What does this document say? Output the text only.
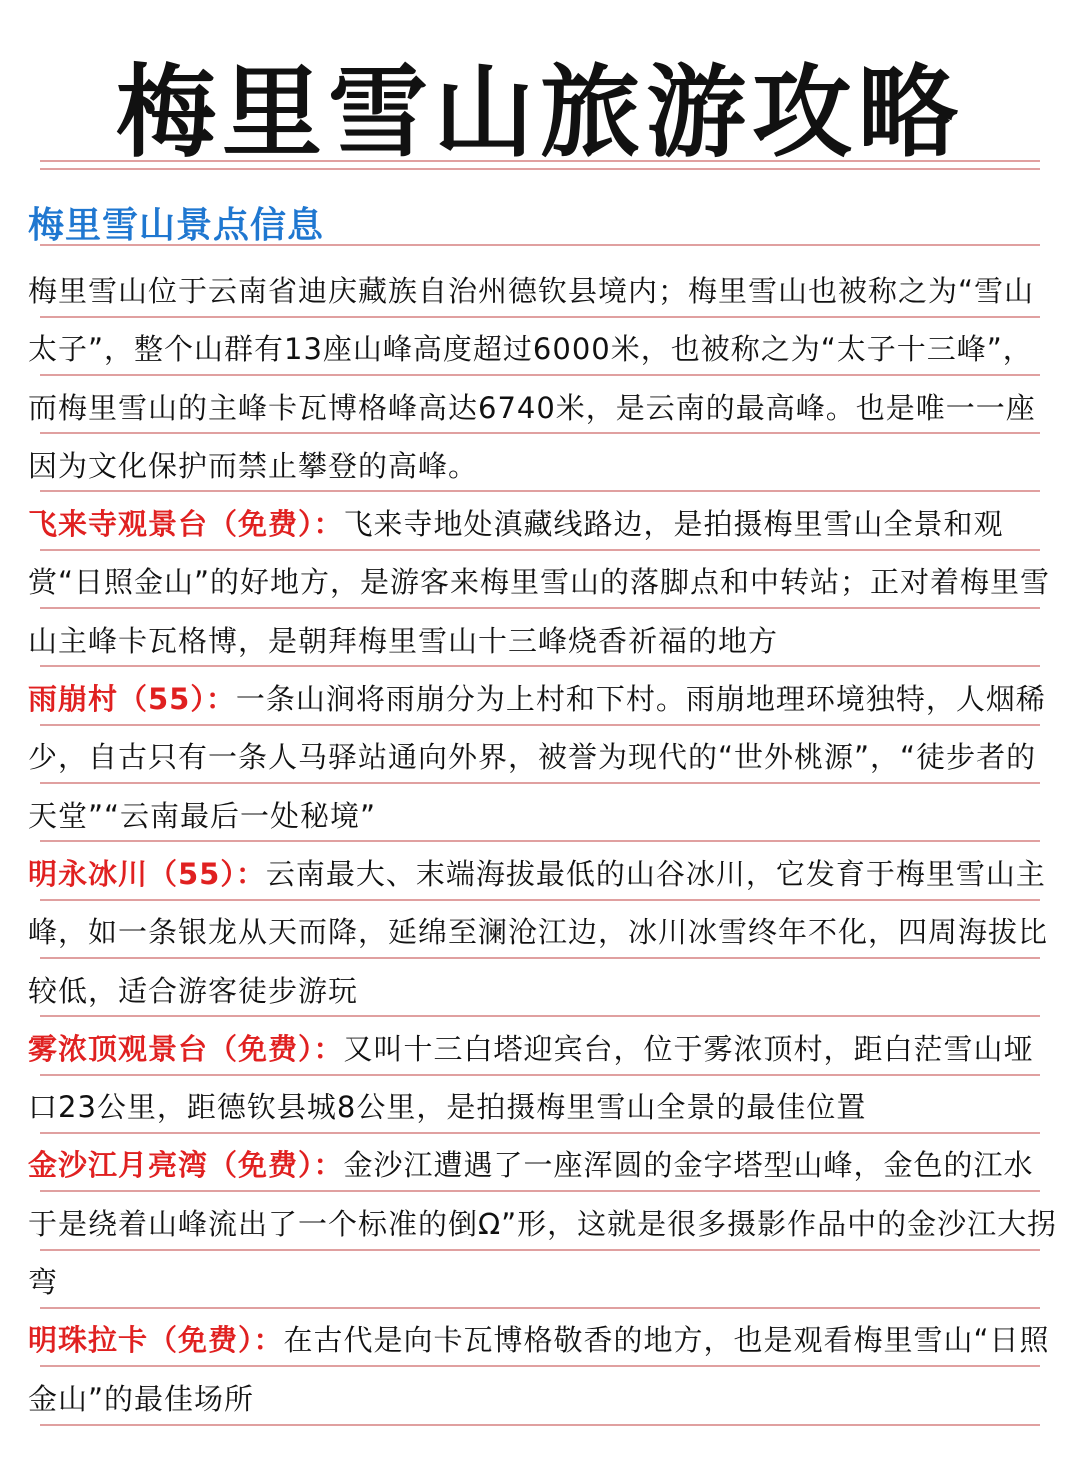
梅里雪山旅游攻略
梅里雪山景点信息

梅里雪山位于云南省迪庆藏族自治州德钦县境内；梅里雪山也被称之为“雪山太子”，整个山群有13座山峰高度超过6000米，也被称之为“太子十三峰”，而梅里雪山的主峰卡瓦博格峰高达6740米，是云南的最高峰。也是唯一一座因为文化保护而禁止攀登的高峰。

飞来寺观景台（免费）：飞来寺地处滇藏线路边，是拍摄梅里雪山全景和观赏“日照金山”的好地方，是游客来梅里雪山的落脚点和中转站；正对着梅里雪山主峰卡瓦格博，是朝拜梅里雪山十三峰烧香祈福的地方

雨崩村（55）：一条山涧将雨崩分为上村和下村。雨崩地理环境独特，人烟稀少，自古只有一条人马驿站通向外界，被誉为现代的“世外桃源”，“徒步者的天堂”“云南最后一处秘境”

明永冰川（55）：云南最大、末端海拔最低的山谷冰川，它发育于梅里雪山主峰，如一条银龙从天而降，延绵至澜沧江边，冰川冰雪终年不化，四周海拔比较低，适合游客徒步游玩

雾浓顶观景台（免费）：又叫十三白塔迎宾台，位于雾浓顶村，距白茫雪山垭口23公里，距德钦县城8公里，是拍摄梅里雪山全景的最佳位置

金沙江月亮湾（免费）：金沙江遭遇了一座浑圆的金字塔型山峰，金色的江水于是绕着山峰流出了一个标准的倒Ω”形，这就是很多摄影作品中的金沙江大拐弯

明珠拉卡（免费）：在古代是向卡瓦博格敬香的地方，也是观看梅里雪山“日照金山”的最佳场所
